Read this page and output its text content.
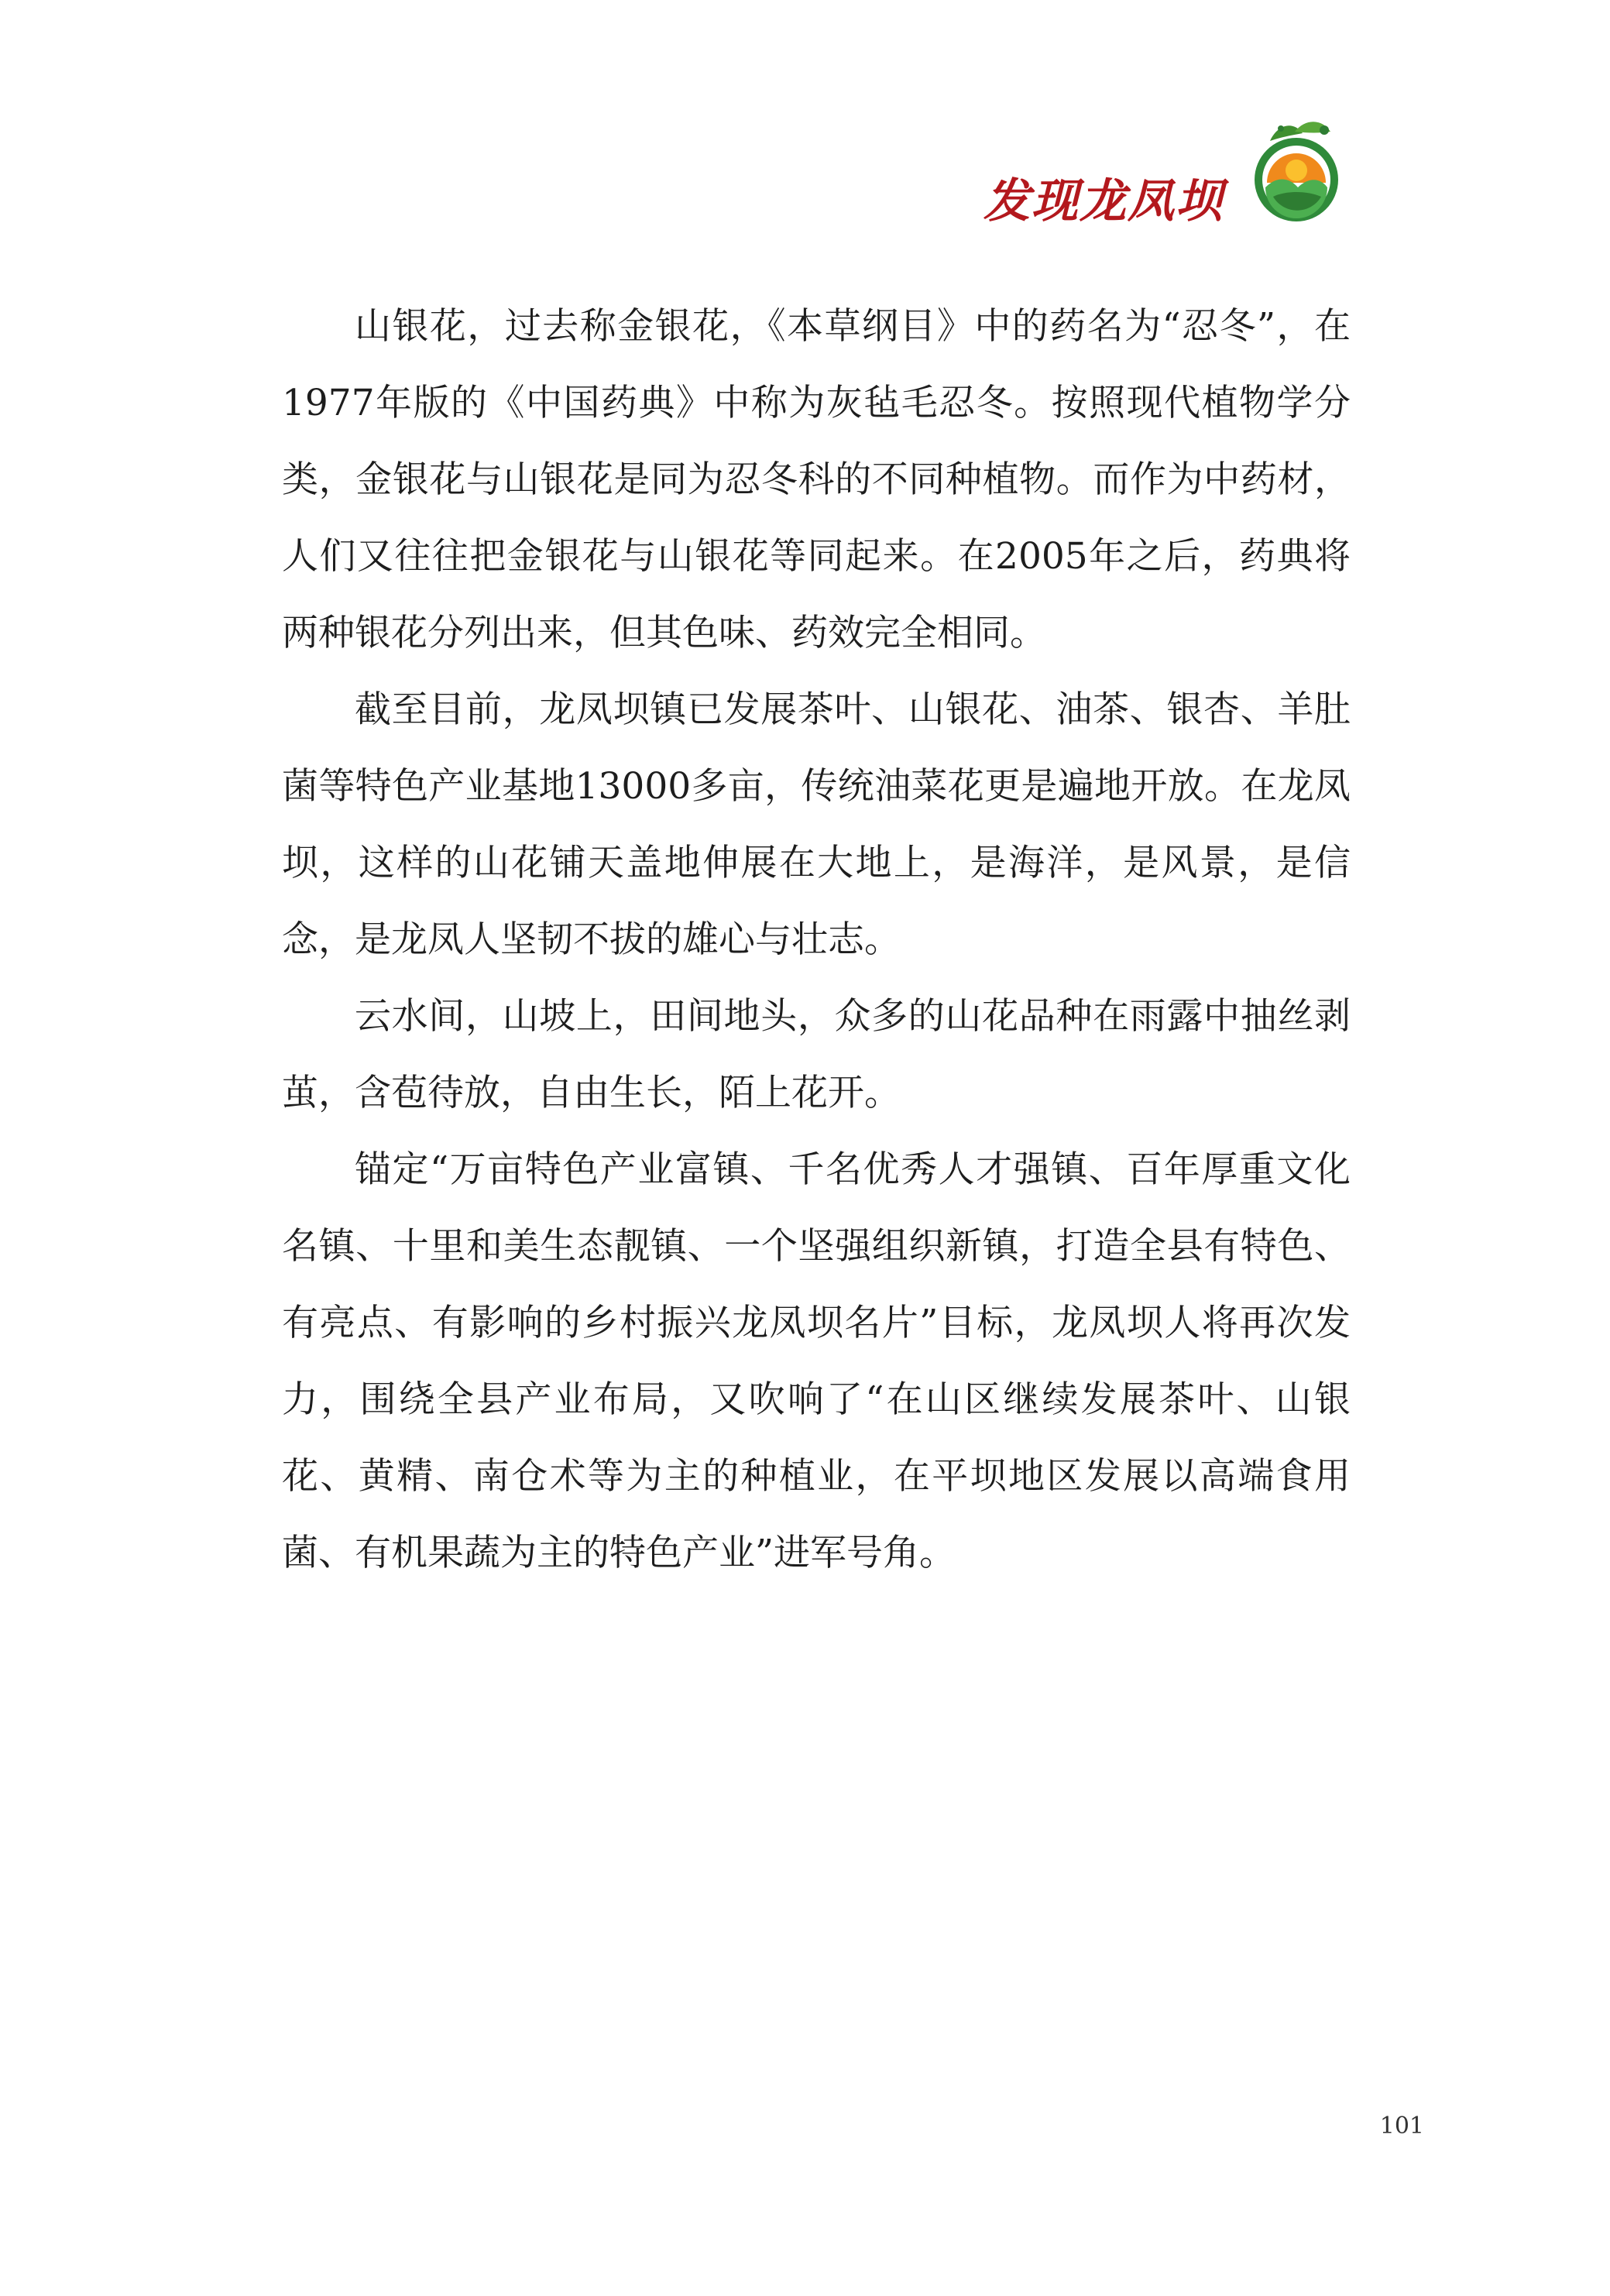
发现龙凤坝

山银花，过去称金银花，《本草纲目》中的药名为“忍冬”，在1977年版的《中国药典》中称为灰毡毛忍冬。按照现代植物学分类，金银花与山银花是同为忍冬科的不同种植物。而作为中药材，人们又往往把金银花与山银花等同起来。在2005年之后，药典将两种银花分列出来，但其色味、药效完全相同。

截至目前，龙凤坝镇已发展茶叶、山银花、油茶、银杏、羊肚菌等特色产业基地13000多亩，传统油菜花更是遍地开放。在龙凤坝，这样的山花铺天盖地伸展在大地上，是海洋，是风景，是信念，是龙凤人坚韧不拔的雄心与壮志。

云水间，山坡上，田间地头，众多的山花品种在雨露中抽丝剥茧，含苞待放，自由生长，陌上花开。

锚定“万亩特色产业富镇、千名优秀人才强镇、百年厚重文化名镇、十里和美生态靓镇、一个坚强组织新镇，打造全县有特色、有亮点、有影响的乡村振兴龙凤坝名片”目标，龙凤坝人将再次发力，围绕全县产业布局，又吹响了“在山区继续发展茶叶、山银花、黄精、南仓术等为主的种植业，在平坝地区发展以高端食用菌、有机果蔬为主的特色产业”进军号角。

101
